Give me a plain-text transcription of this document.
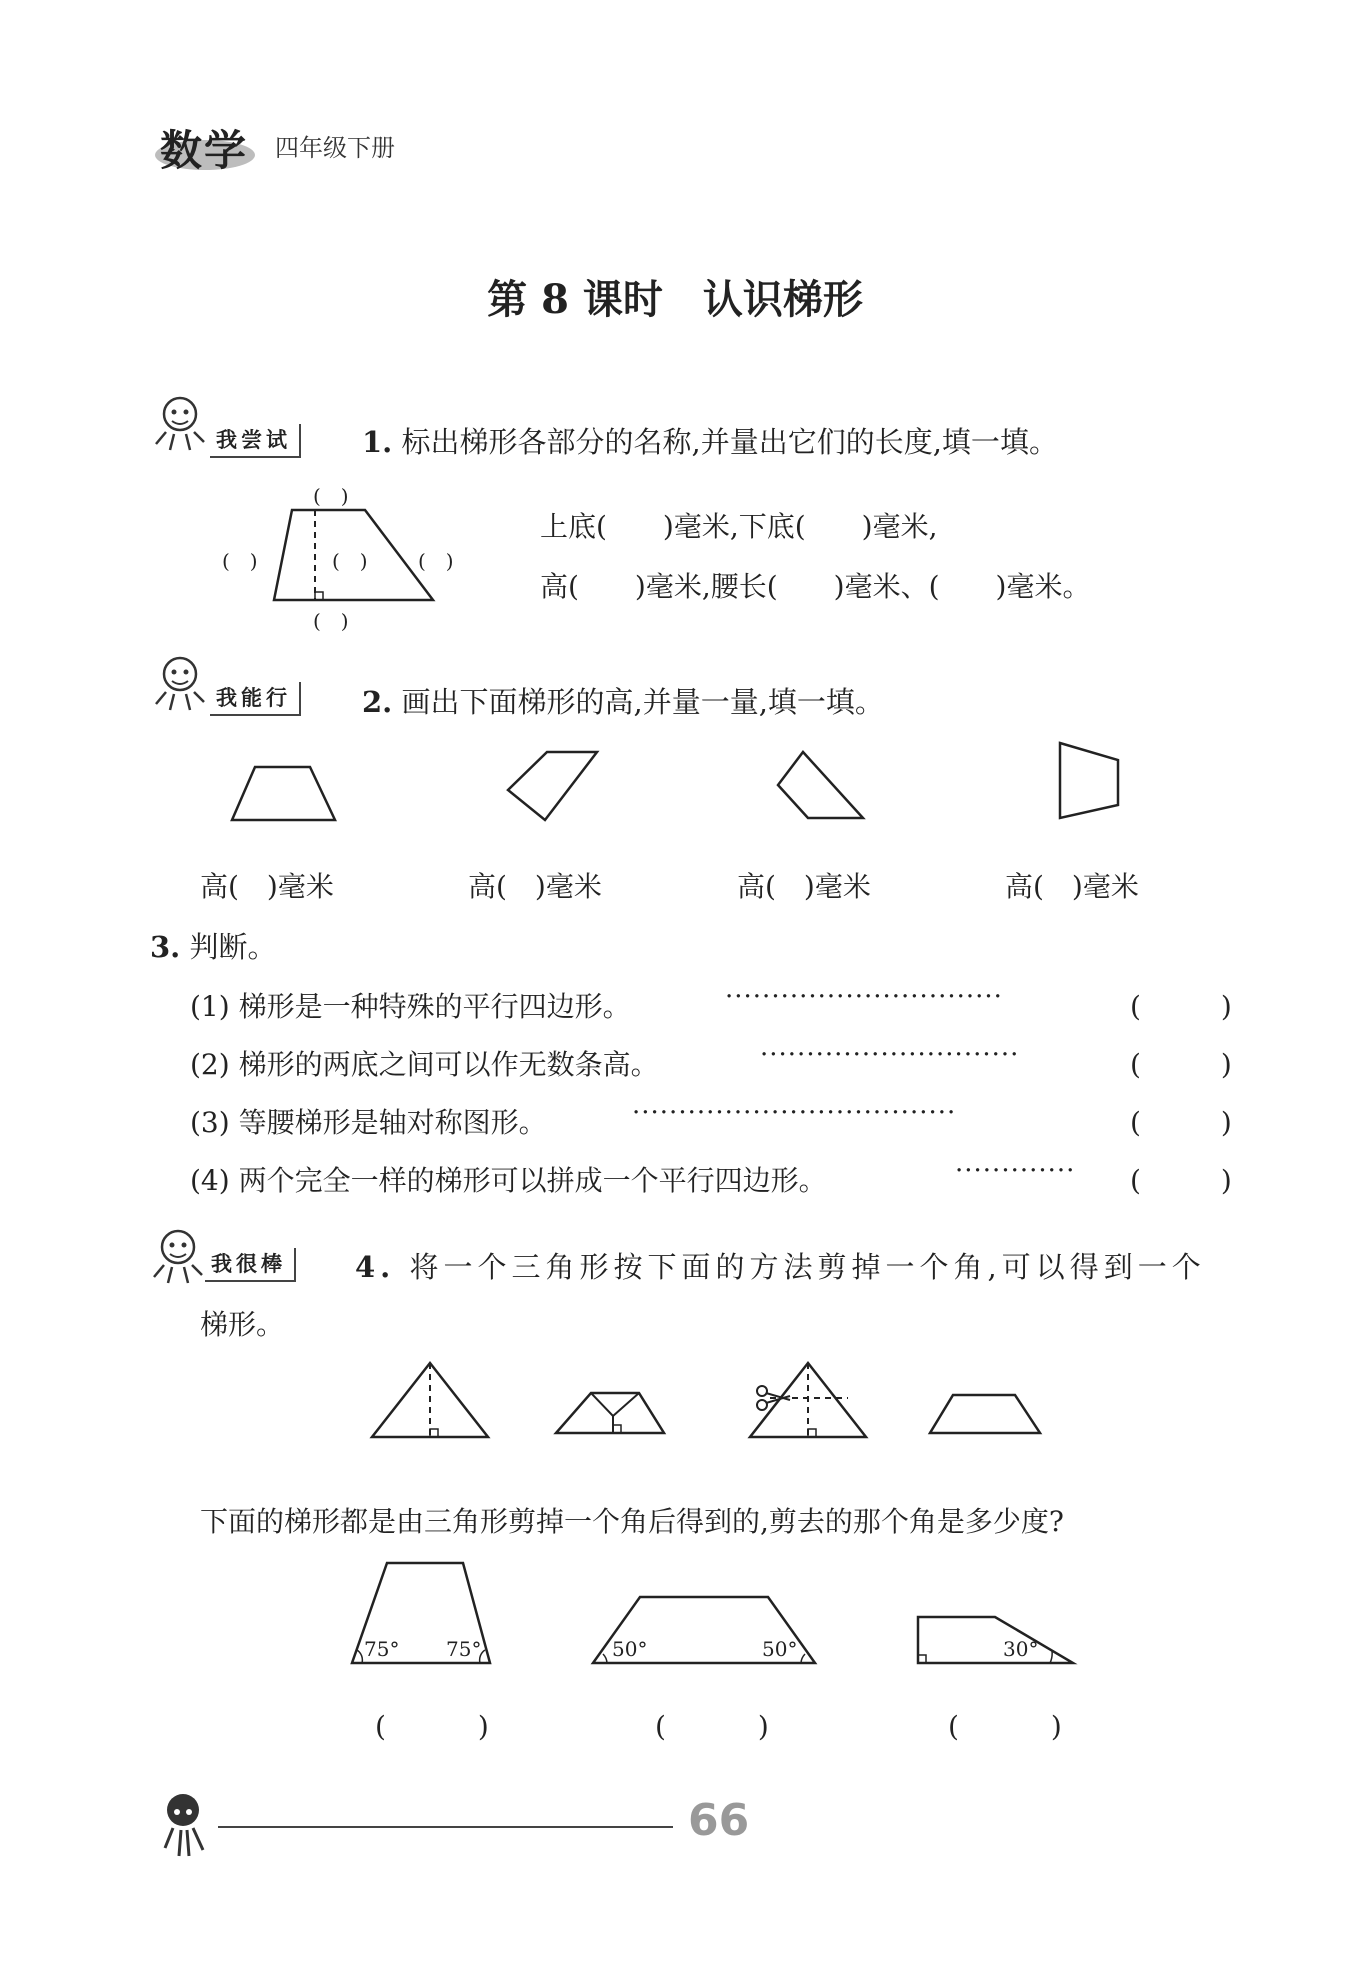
数学 四年级下册
第 8 课时　认识梯形
我尝试	1. 标出梯形各部分的名称,并量出它们的长度,填一填。
(　)
(　)	(　)	(　)
(　)
上底(　　)毫米,下底(　　)毫米,
高(　　)毫米,腰长(　　)毫米、(　　)毫米。
我能行	2. 画出下面梯形的高,并量一量,填一填。
高(　)毫米	高(　)毫米	高(　)毫米	高(　)毫米
3. 判断。
(1) 梯形是一种特殊的平行四边形。	······························	(　　)
(2) 梯形的两底之间可以作无数条高。	····························	(　　)
(3) 等腰梯形是轴对称图形。	···································	(　　)
(4) 两个完全一样的梯形可以拼成一个平行四边形。	············· (　　)
我很棒	4. 将一个三角形按下面的方法剪掉一个角,可以得到一个
梯形。
下面的梯形都是由三角形剪掉一个角后得到的,剪去的那个角是多少度?
75° 75°	50°	50°	30°
(　　)	(　　)	(　　)
66
